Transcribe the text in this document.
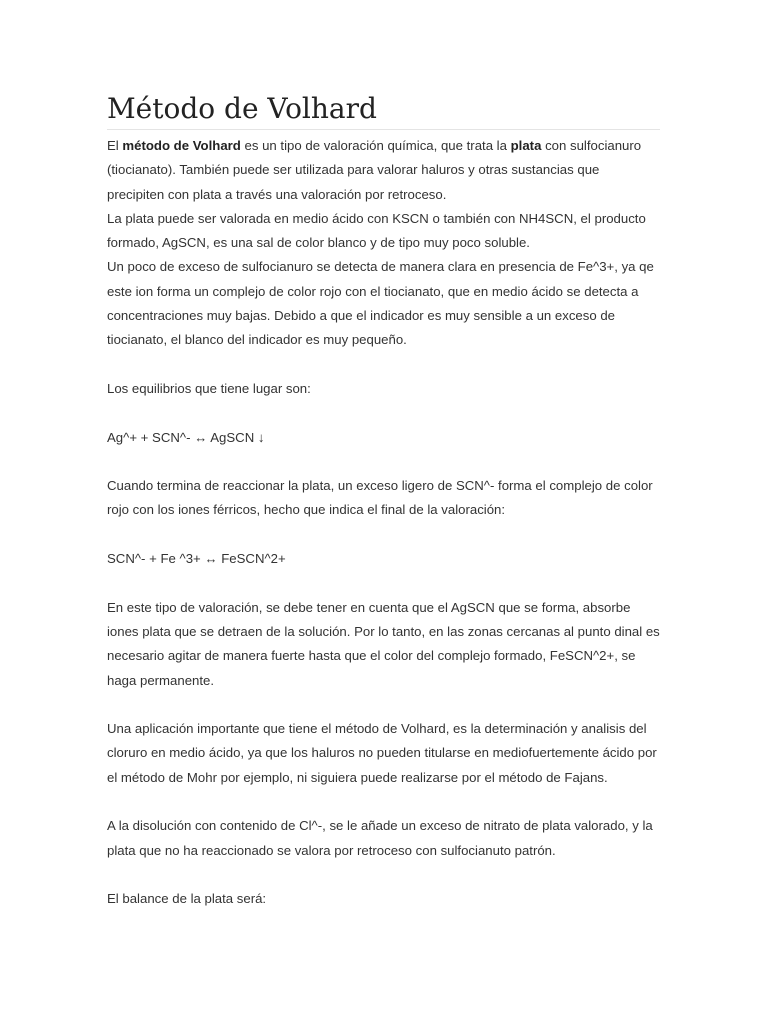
Método de Volhard

El método de Volhard es un tipo de valoración química, que trata la plata con sulfocianuro (tiocianato). También puede ser utilizada para valorar haluros y otras sustancias que precipiten con plata a través una valoración por retroceso.

La plata puede ser valorada en medio ácido con KSCN o también con NH4SCN, el producto formado, AgSCN, es una sal de color blanco y de tipo muy poco soluble.

Un poco de exceso de sulfocianuro se detecta de manera clara en presencia de Fe^3+, ya qe este ion forma un complejo de color rojo con el tiocianato, que en medio ácido se detecta a concentraciones muy bajas. Debido a que el indicador es muy sensible a un exceso de tiocianato, el blanco del indicador es muy pequeño.

Los equilibrios que tiene lugar son:

Ag^+ + SCN^- ↔ AgSCN ↓

Cuando termina de reaccionar la plata, un exceso ligero de SCN^- forma el complejo de color rojo con los iones férricos, hecho que indica el final de la valoración:

SCN^- + Fe ^3+ ↔ FeSCN^2+

En este tipo de valoración, se debe tener en cuenta que el AgSCN que se forma, absorbe iones plata que se detraen de la solución. Por lo tanto, en las zonas cercanas al punto dinal es necesario agitar de manera fuerte hasta que el color del complejo formado, FeSCN^2+, se haga permanente.

Una aplicación importante que tiene el método de Volhard, es la determinación y analisis del cloruro en medio ácido, ya que los haluros no pueden titularse en mediofuertemente ácido por el método de Mohr por ejemplo, ni siguiera puede realizarse por el método de Fajans.

A la disolución con contenido de Cl^-, se le añade un exceso de nitrato de plata valorado, y la plata que no ha reaccionado se valora por retroceso con sulfocianuto patrón.

El balance de la plata será:
